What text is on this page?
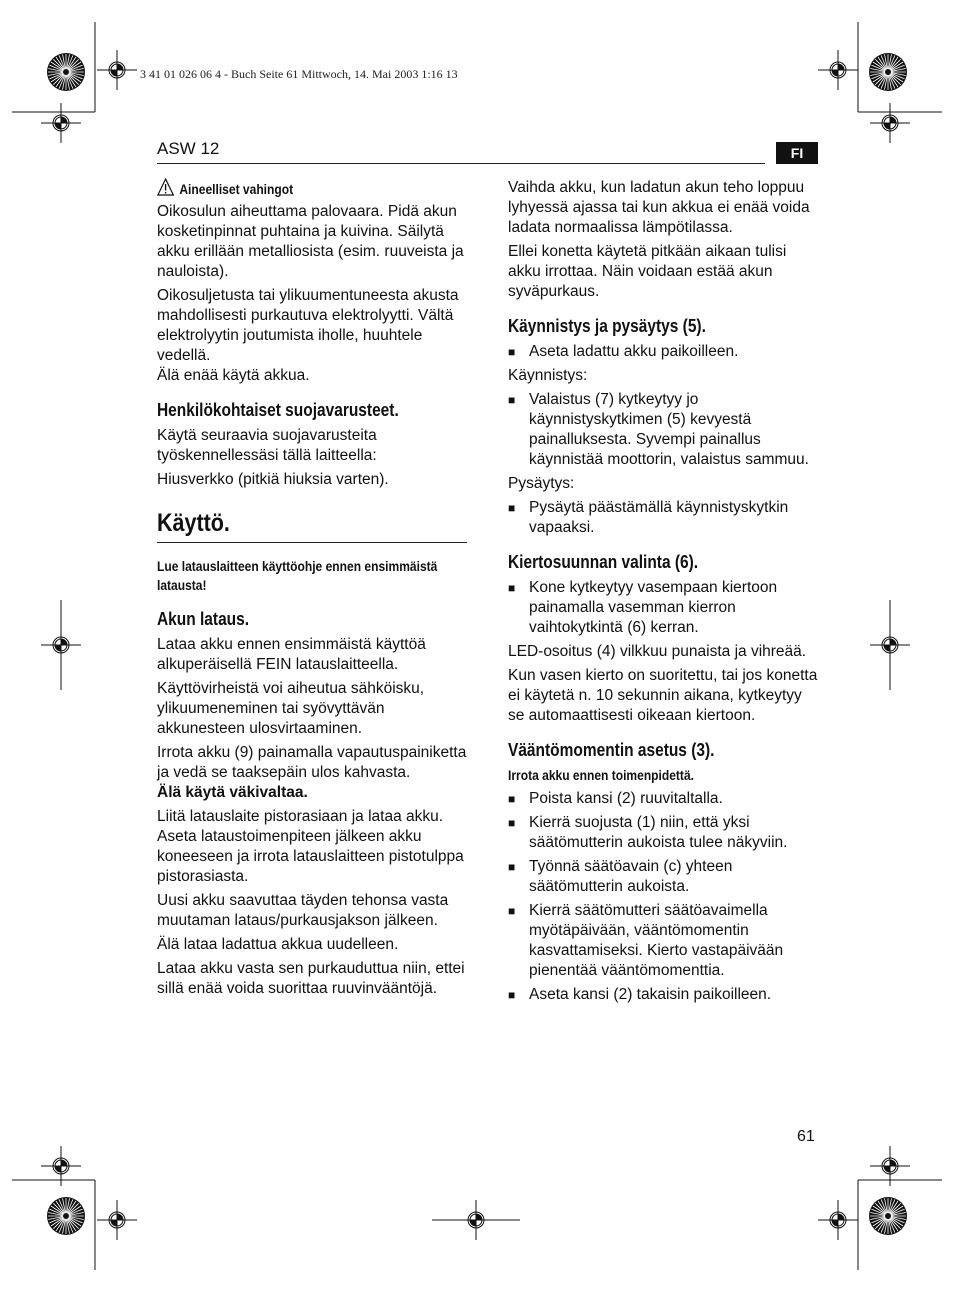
3 41 01 026 06 4 - Buch Seite 61 Mittwoch, 14. Mai 2003 1:16 13
ASW 12	FI
Aineelliset vahingot

Oikosulun aiheuttama palovaara. Pidä akun kosketinpinnat puhtaina ja kuivina. Säilytä akku erillään metalliosista (esim. ruuveista ja nauloista).

Oikosuljetusta tai ylikuumentuneesta akusta mahdollisesti purkautuva elektrolyytti. Vältä elektrolyytin joutumista iholle, huuhtele vedellä.

Älä enää käytä akkua.

Henkilökohtaiset suojavarusteet.

Käytä seuraavia suojavarusteita työskennellessäsi tällä laitteella:

Hiusverkko (pitkiä hiuksia varten).

Käyttö.
Lue latauslaitteen käyttöohje ennen ensimmäistä latausta!
Akun lataus.

Lataa akku ennen ensimmäistä käyttöä alkuperäisellä FEIN latauslaitteella.

Käyttövirheistä voi aiheutua sähköisku, ylikuumeneminen tai syövyttävän akkunesteen ulosvirtaaminen.

Irrota akku (9) painamalla vapautuspainiketta ja vedä se taaksepäin ulos kahvasta.

Älä käytä väkivaltaa.

Liitä latauslaite pistorasiaan ja lataa akku. Aseta lataustoimenpiteen jälkeen akku koneeseen ja irrota latauslaitteen pistotulppa pistorasiasta.

Uusi akku saavuttaa täyden tehonsa vasta muutaman lataus/purkausjakson jälkeen.

Älä lataa ladattua akkua uudelleen.

Lataa akku vasta sen purkauduttua niin, ettei sillä enää voida suorittaa ruuvinvääntöjä.

Vaihda akku, kun ladatun akun teho loppuu lyhyessä ajassa tai kun akkua ei enää voida ladata normaalissa lämpötilassa.

Ellei konetta käytetä pitkään aikaan tulisi akku irrottaa. Näin voidaan estää akun syväpurkaus.

Käynnistys ja pysäytys (5).
■ Aseta ladattu akku paikoilleen.

Käynnistys:

■ Valaistus (7) kytkeytyy jo käynnistyskytkimen (5) kevyestä painalluksesta. Syvempi painallus käynnistää moottorin, valaistus sammuu.

Pysäytys:

■ Pysäytä päästämällä käynnistyskytkin vapaaksi.
Kiertosuunnan valinta (6).
■ Kone kytkeytyy vasempaan kiertoon painamalla vasemman kierron vaihtokytkintä (6) kerran.

LED-osoitus (4) vilkkuu punaista ja vihreää.

Kun vasen kierto on suoritettu, tai jos konetta ei käytetä n. 10 sekunnin aikana, kytkeytyy se automaattisesti oikeaan kiertoon.

Vääntömomentin asetus (3).
Irrota akku ennen toimenpidettä.
■ Poista kansi (2) ruuvitaltalla.
■ Kierrä suojusta (1) niin, että yksi säätömutterin aukoista tulee näkyviin.
■ Työnnä säätöavain (c) yhteen säätömutterin aukoista.
■ Kierrä säätömutteri säätöavaimella myötäpäivään, vääntömomentin kasvattamiseksi. Kierto vastapäivään pienentää vääntömomenttia.
■ Aseta kansi (2) takaisin paikoilleen.
61
